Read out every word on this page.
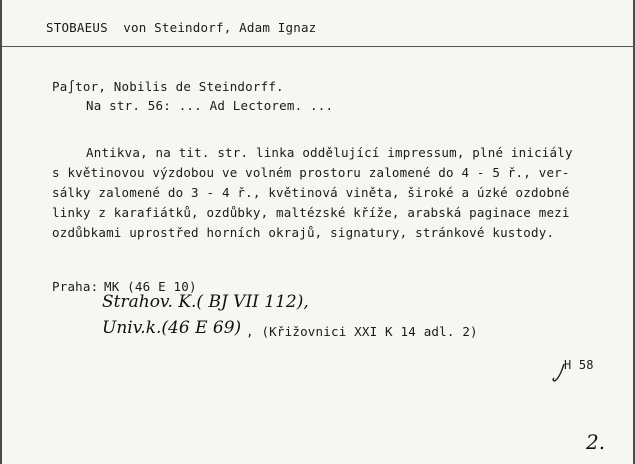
STOBAEUS  von Steindorf, Adam Ignaz
Pa∫tor, Nobilis de Steindorff.
Na str. 56: ... Ad Lectorem. ...
Antikva, na tit. str. linka oddělující impressum, plné iniciály
s květinovou výzdobou ve volném prostoru zalomené do 4 - 5 ř., ver-
sálky zalomené do 3 - 4 ř., květinová viněta, široké a úzké ozdobné
linky z karafiátků, ozdůbky, maltézské kříže, arabská paginace mezi
ozdůbkami uprostřed horních okrajů, signatury, stránkové kustody.
Praha: MK (46 E 10)
Strahov. K.( BJ VII 112),
Univ.k.(46 E 69) , (Křižovnici XXI K 14 adl. 2)
H 58
2.
